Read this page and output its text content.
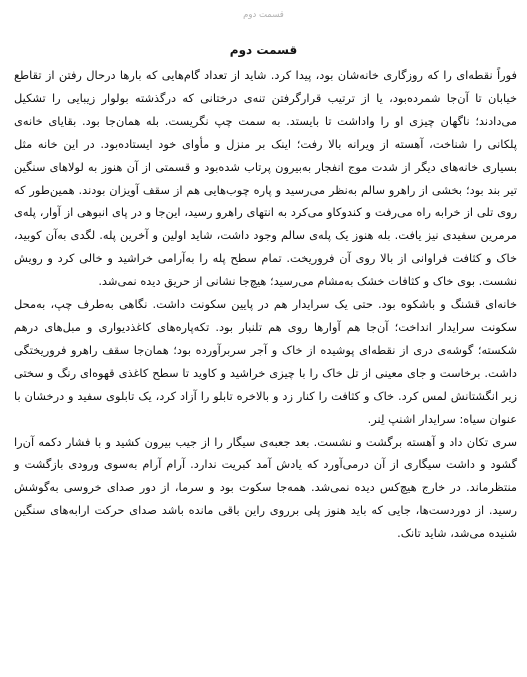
قسمت دوم
قسمت دوم

فوراً نقطه‌ای را که روزگاری خانه‌شان بود، پیدا کرد. شاید از تعداد گام‌هایی که بارها درحال رفتن از تقاطع خیابان تا آن‌جا شمرده‌بود، یا از ترتیب قرارگرفتن تنه‌ی درختانی که درگذشته بولوار زیبایی را تشکیل می‌دادند؛ ناگهان چیزی او را واداشت تا بایستد. به سمت چپ نگریست. بله همان‌جا بود. بقایای خانه‌ی پلکانی را شناخت، آهسته از ویرانه بالا رفت؛ اینک بر منزل و مأوای خود ایستاده‌بود. در این خانه مثل بسیاری خانه‌های دیگر از شدت موج انفجار به‌بیرون پرتاب شده‌بود و قسمتی از آن هنوز به لولاهای سنگین تیر بند بود؛ بخشی از راهرو سالم به‌نظر می‌رسید و پاره چوب‌هایی هم از سقف آویزان بودند. همین‌طور که روی تلی از خرابه راه می‌رفت و کندوکاو می‌کرد به انتهای راهرو رسید، این‌جا و در پای انبوهی از آوار، پله‌ی مرمرین سفیدی نیز یافت. بله هنوز یک پله‌ی سالم وجود داشت، شاید اولین و آخرین پله. لگدی به‌آن کوبید، خاک و کثافت فراوانی از بالا روی آن فروریخت. تمام سطح پله را به‌آرامی خراشید و خالی کرد و رویش نشست. بوی خاک و کثافات خشک به‌مشام می‌رسید؛ هیچ‌جا نشانی از حریق دیده نمی‌شد.

خانه‌ای قشنگ و باشکوه بود. حتی یک سرایدار هم در پایین سکونت داشت. نگاهی به‌طرف چپ، به‌محل سکونت سرایدار انداخت؛ آن‌جا هم آوارها روی هم تلنبار بود. تکه‌پاره‌های کاغذدیواری و مبل‌های درهم شکسته؛ گوشه‌ی دری از نقطه‌ای پوشیده از خاک و آجر سربرآورده بود؛ همان‌جا سقف راهرو فروریختگی داشت. برخاست و جای معینی از تل خاک را با چیزی خراشید و کاوید تا سطح کاغذی قهوه‌ای رنگ و سختی زیر انگشتانش لمس کرد. خاک و کثافت را کنار زد و بالاخره تابلو را آزاد کرد، یک تابلوی سفید و درخشان با عنوان سیاه: سرایدار اشنپ لِنر.

سری تکان داد و آهسته برگشت و نشست. بعد جعبه‌ی سیگار را از جیب بیرون کشید و با فشار دکمه آن‌را گشود و داشت سیگاری از آن درمی‌آورد که یادش آمد کبریت ندارد. آرام آرام به‌سوی ورودی بازگشت و منتظرماند. در خارج هیچ‌کس دیده نمی‌شد. همه‌جا سکوت بود و سرما، از دور صدای خروسی به‌گوشش رسید. از دوردست‌ها، جایی که باید هنوز پلی برروی راین باقی مانده باشد صدای حرکت ارابه‌های سنگین شنیده می‌شد، شاید تانک.
